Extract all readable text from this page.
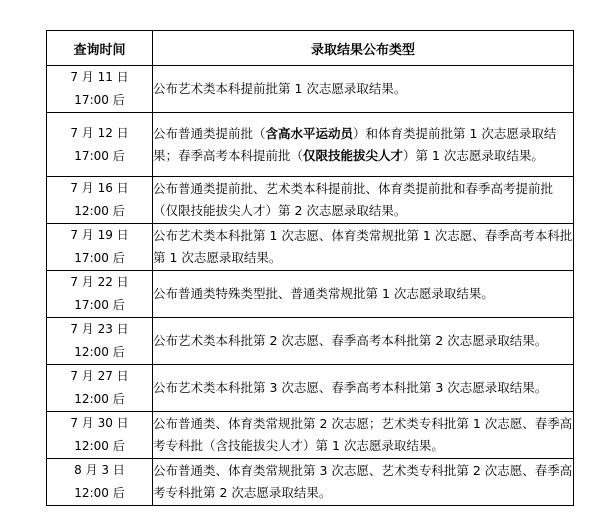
查询时间	录取结果公布类型

7 月 11 日
17:00 后	公布艺术类本科提前批第 1 次志愿录取结果。

7 月 12 日
17:00 后	公布普通类提前批（含高水平运动员）和体育类提前批第 1 次志愿录取结果；春季高考本科提前批（仅限技能拔尖人才）第 1 次志愿录取结果。

7 月 16 日
12:00 后	公布普通类提前批、艺术类本科提前批、体育类提前批和春季高考提前批（仅限技能拔尖人才）第 2 次志愿录取结果。

7 月 19 日
17:00 后	公布艺术类本科批第 1 次志愿、体育类常规批第 1 次志愿、春季高考本科批第 1 次志愿录取结果。

7 月 22 日
17:00 后	公布普通类特殊类型批、普通类常规批第 1 次志愿录取结果。

7 月 23 日
12:00 后	公布艺术类本科批第 2 次志愿、春季高考本科批第 2 次志愿录取结果。

7 月 27 日
12:00 后	公布艺术类本科批第 3 次志愿、春季高考本科批第 3 次志愿录取结果。

7 月 30 日
12:00 后	公布普通类、体育类常规批第 2 次志愿；艺术类专科批第 1 次志愿、春季高考专科批（含技能拔尖人才）第 1 次志愿录取结果。

8 月 3 日
12:00 后	公布普通类、体育类常规批第 3 次志愿、艺术类专科批第 2 次志愿、春季高考专科批第 2 次志愿录取结果。
